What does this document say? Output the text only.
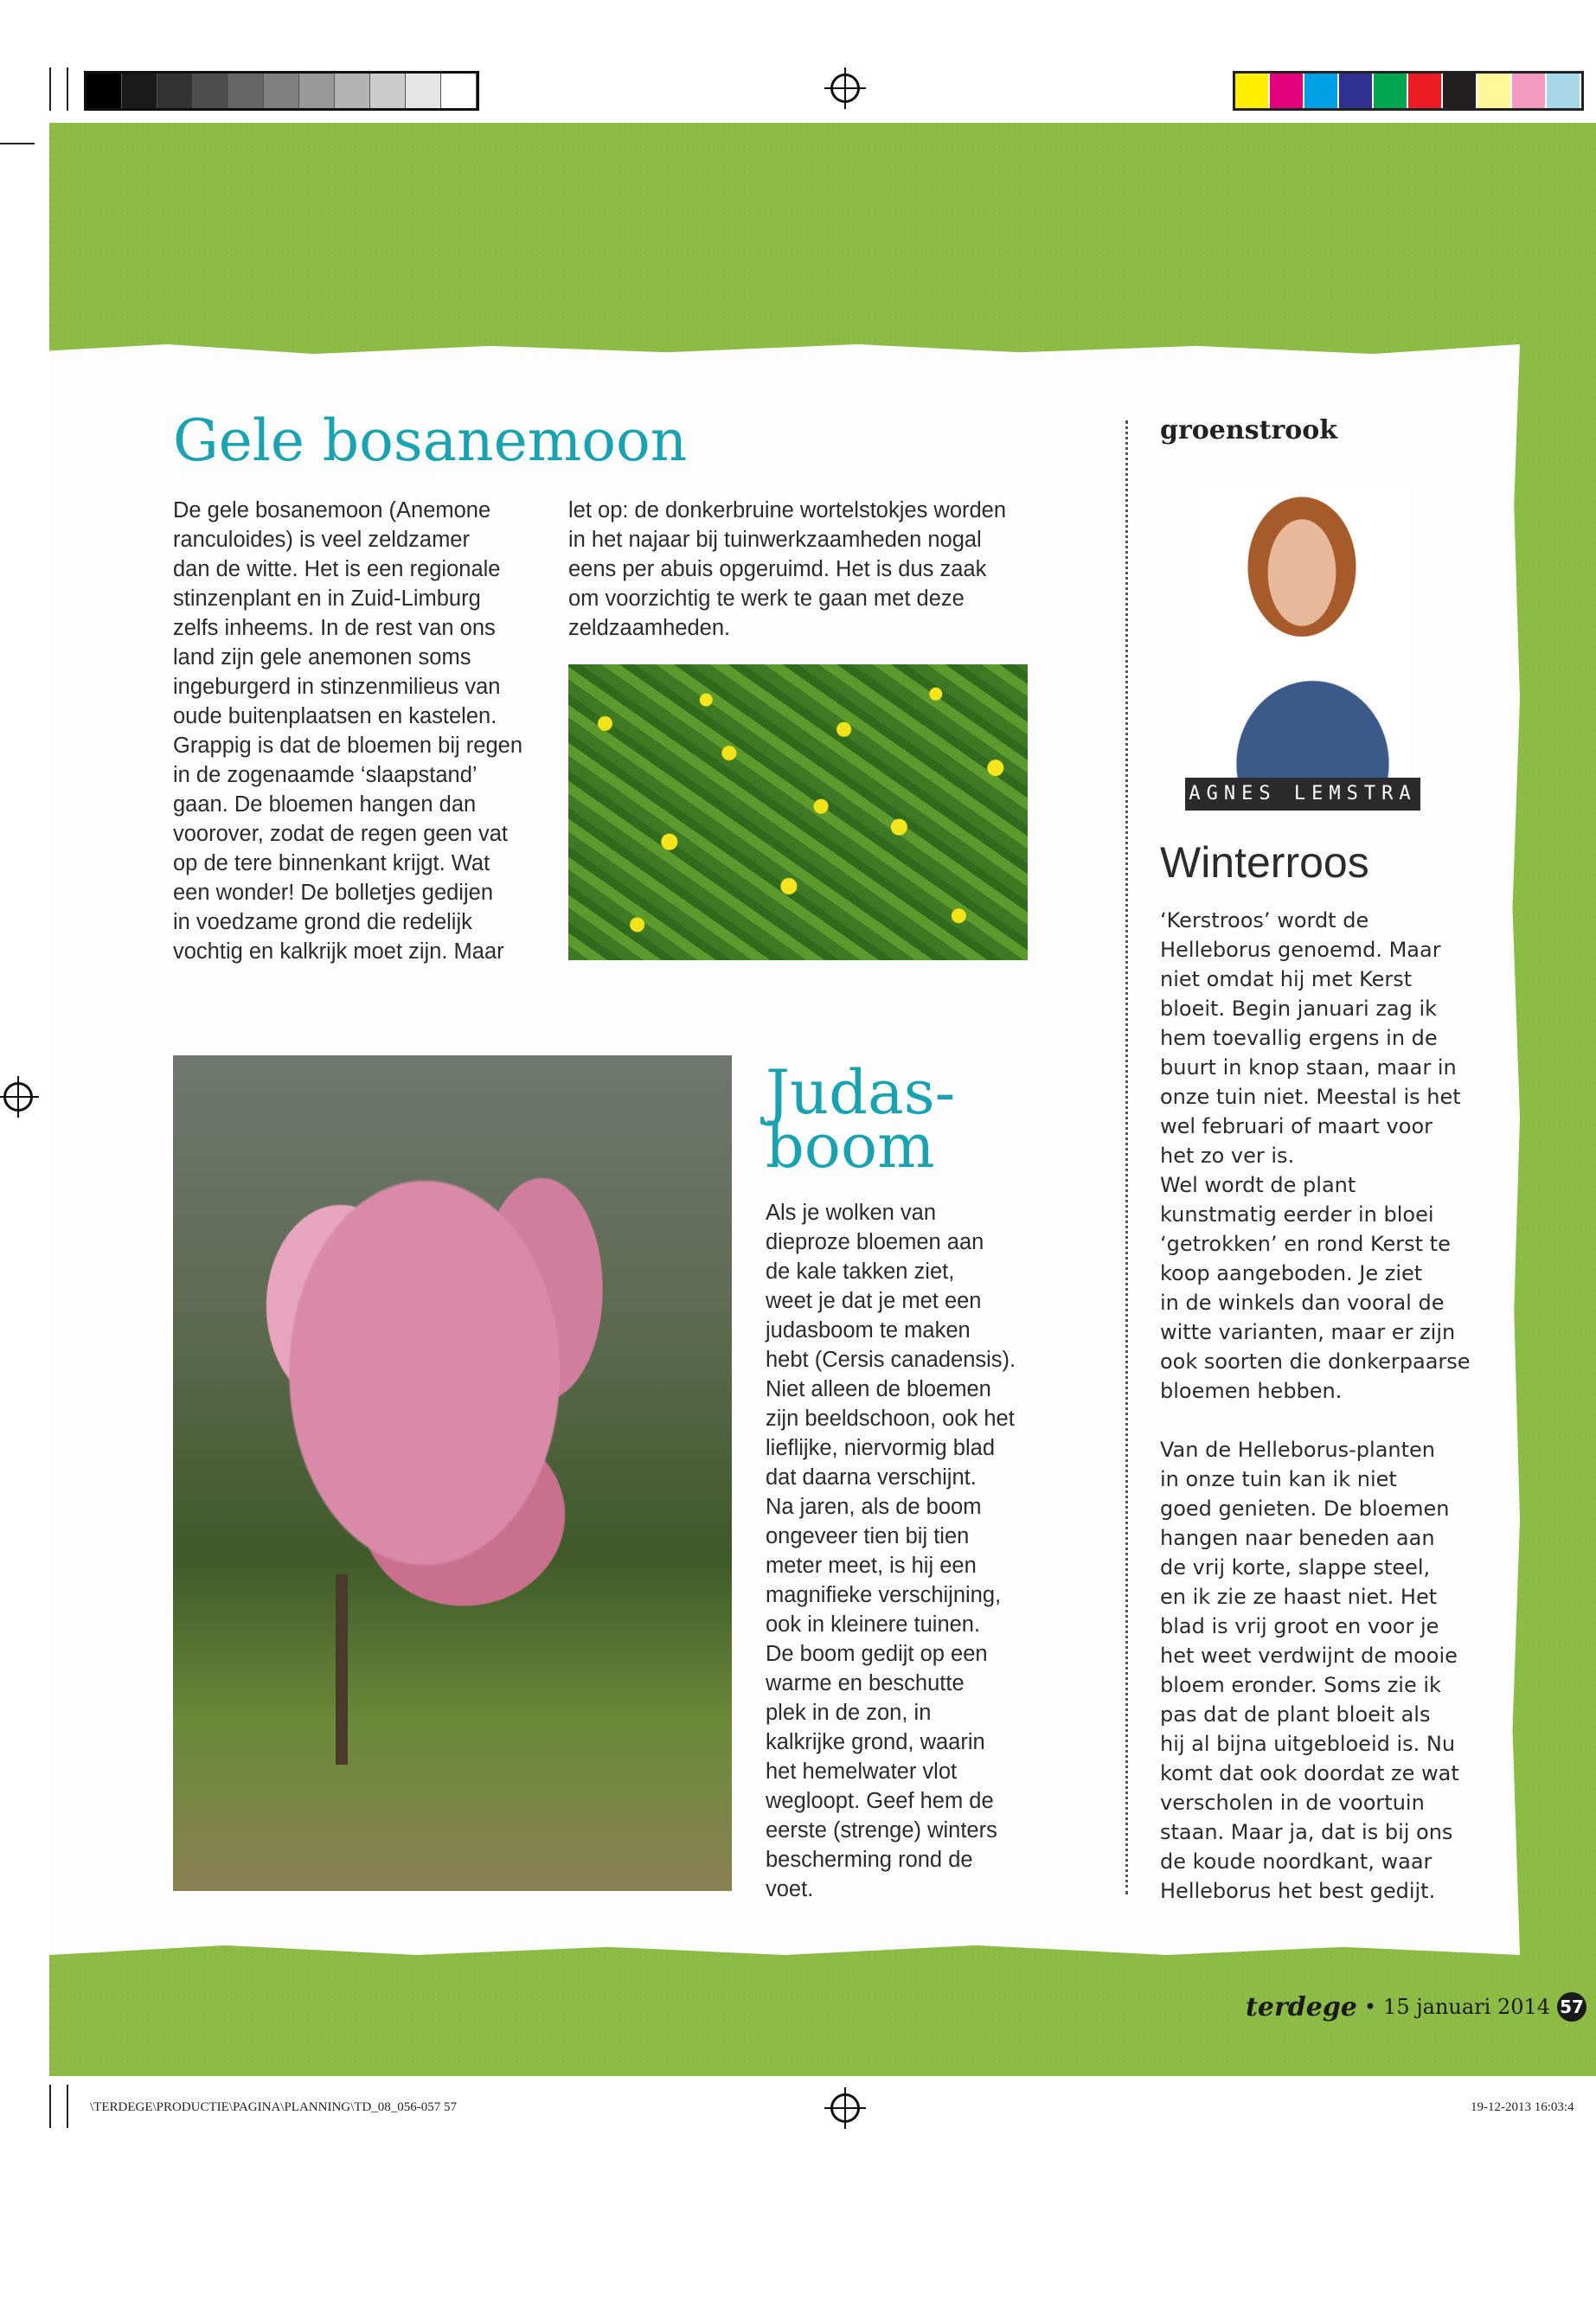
Gele bosanemoon

De gele bosanemoon (Anemone
ranculoides) is veel zeldzamer
dan de witte. Het is een regionale
stinzenplant en in Zuid-Limburg
zelfs inheems. In de rest van ons
land zijn gele anemonen soms
ingeburgerd in stinzenmilieus van
oude buitenplaatsen en kastelen.
Grappig is dat de bloemen bij regen
in de zogenaamde ‘slaapstand’
gaan. De bloemen hangen dan
voorover, zodat de regen geen vat
op de tere binnenkant krijgt. Wat
een wonder! De bolletjes gedijen
in voedzame grond die redelijk
vochtig en kalkrijk moet zijn. Maar

let op: de donkerbruine wortelstokjes worden
in het najaar bij tuinwerkzaamheden nogal
eens per abuis opgeruimd. Het is dus zaak
om voorzichtig te werk te gaan met deze
zeldzaamheden.

Judas-
boom

Als je wolken van
dieproze bloemen aan
de kale takken ziet,
weet je dat je met een
judasboom te maken
hebt (Cersis canadensis).
Niet alleen de bloemen
zijn beeldschoon, ook het
lieflijke, niervormig blad
dat daarna verschijnt.
Na jaren, als de boom
ongeveer tien bij tien
meter meet, is hij een
magnifieke verschijning,
ook in kleinere tuinen.
De boom gedijt op een
warme en beschutte
plek in de zon, in
kalkrijke grond, waarin
het hemelwater vlot
wegloopt. Geef hem de
eerste (strenge) winters
bescherming rond de
voet.

groenstrook
AGNES LEMSTRA
Winterroos

‘Kerstroos’ wordt de
Helleborus genoemd. Maar
niet omdat hij met Kerst
bloeit. Begin januari zag ik
hem toevallig ergens in de
buurt in knop staan, maar in
onze tuin niet. Meestal is het
wel februari of maart voor
het zo ver is.
Wel wordt de plant
kunstmatig eerder in bloei
‘getrokken’ en rond Kerst te
koop aangeboden. Je ziet
in de winkels dan vooral de
witte varianten, maar er zijn
ook soorten die donkerpaarse
bloemen hebben.

Van de Helleborus-planten
in onze tuin kan ik niet
goed genieten. De bloemen
hangen naar beneden aan
de vrij korte, slappe steel,
en ik zie ze haast niet. Het
blad is vrij groot en voor je
het weet verdwijnt de mooie
bloem eronder. Soms zie ik
pas dat de plant bloeit als
hij al bijna uitgebloeid is. Nu
komt dat ook doordat ze wat
verscholen in de voortuin
staan. Maar ja, dat is bij ons
de koude noordkant, waar
Helleborus het best gedijt.

terdege • 15 januari 2014 57
\TERDEGE\PRODUCTIE\PAGINA\PLANNING\TD_08_056-057 57	19-12-2013 16:03:4
